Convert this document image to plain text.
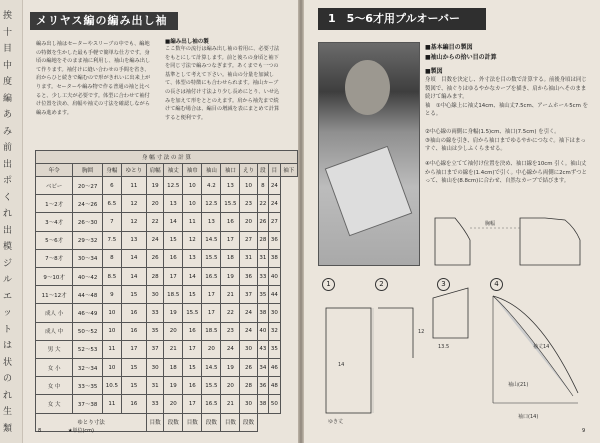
挨
十
目
中
度
編
あ
み
前
出
ポ
く
れ
出
模
ジ
ル
エ
ッ
ト
は
状
の
れ
生
類
メリヤス編の編み出し袖
編み出し袖はセーターやスリーブの中でも、編地の特徴を生かした最も手軽で簡単な仕方です。身頃の編地をそのまま袖に利用し、袖山を編み出して作ります。袖付けに縫い合わせの手間を省き、肩からひと続きで編むので形がきれいに出来上がります。セーターや編み物で作る普通の袖と比べると、少し工夫が必要です。体型に合わせて袖付け位置を決め、肩幅や袖丈の寸法を確認しながら編み進めます。
■編み出し袖の製
ここ数年の流行は編み出し袖の着用に、必要寸法をもとにして計算します。前と後ろの身頃と袖下を同じ寸法で編みつなぎます。あくまでも一つの基準として考えて下さい。袖山の分量を加減して、体型の特徴にも合わせられます。袖山カーブの長さは袖付け寸法より少し長めにとり、いせ込みを加えて形をととのえます。肩から袖先まで続けて編む場合は、編目の増減を表にまとめて計算すると便利です。
身 幅 寸 法 の 計 算												
年令	胸囲	身幅	ゆとり	肩幅	袖丈	袖巾	袖山	袖口	えり	段	目	袖下
ベビー	20〜27	6	11	19	12.5	10	4.2	13	10	8	24	
1〜2才	24〜26	6.5	12	20	13	10	12.5	15.5	23	22	24	
3〜4才	26〜30	7	12	22	14	11	13	16	20	26	27	
5〜6才	29〜32	7.5	13	24	15	12	14.5	17	27	28	36	
7〜8才	30〜34	8	14	26	16	13	15.5	18	31	31	38	
9〜10才	40〜42	8.5	14	28	17	14	16.5	19	36	33	40	
11〜12才	44〜48	9	15	30	18.5	15	17	21	37	35	44	
成人 小	46〜49	10	16	33	19	15.5	17	22	24	38	30	
成人 中	50〜52	10	16	35	20	16	18.5	23	24	40	32	
男 大	52〜53	11	17	37	21	17	20	24	30	43	35	
女 小	32〜34	10	15	30	18	15	14.5	19	26	34	46	
女 中	33〜35	10.5	15	31	19	16	15.5	20	28	36	48	
女 大	37〜38	11	16	33	20	17	16.5	21	30	38	50	
ゆとり寸法				目数	段数	目数	段数	目数	段数			
8	★単位(cm)
1　5〜6才用プルオーバー
■基本編目の製図
■袖山からの拾い目の計算
■製図
身頃　目数を決定し、外寸法を目の数で計算する。前後身頃は同じ製図で、袖ぐりはゆるやかなカーブを描き、肩から袖山へそのまま続けて編みます。
袖　①中心線上に袖丈14cm、袖山丈7.5cm、アームホール5cm をとる。
②中心線の両側に身幅(1.5)cm、袖口(7.5cm) を引く。
③袖山の線を引き、肩から袖口までゆるやかにつなぐ。袖下はまっすぐ、袖山は少しふくらませる。
④中心線を立てて袖付け位置を決め、袖口線を10cm 引く。袖山丈から袖口までの線を(1.4cm)で引く。中心線から両側に2cmずつとって、袖山を(8.8cm)に合わせ、自然なカーブで結びます。
胸幅
14
12
13.5	袖丈14
袖山(21)
ゆき丈
袖口(14)
1	2	3	4
9
